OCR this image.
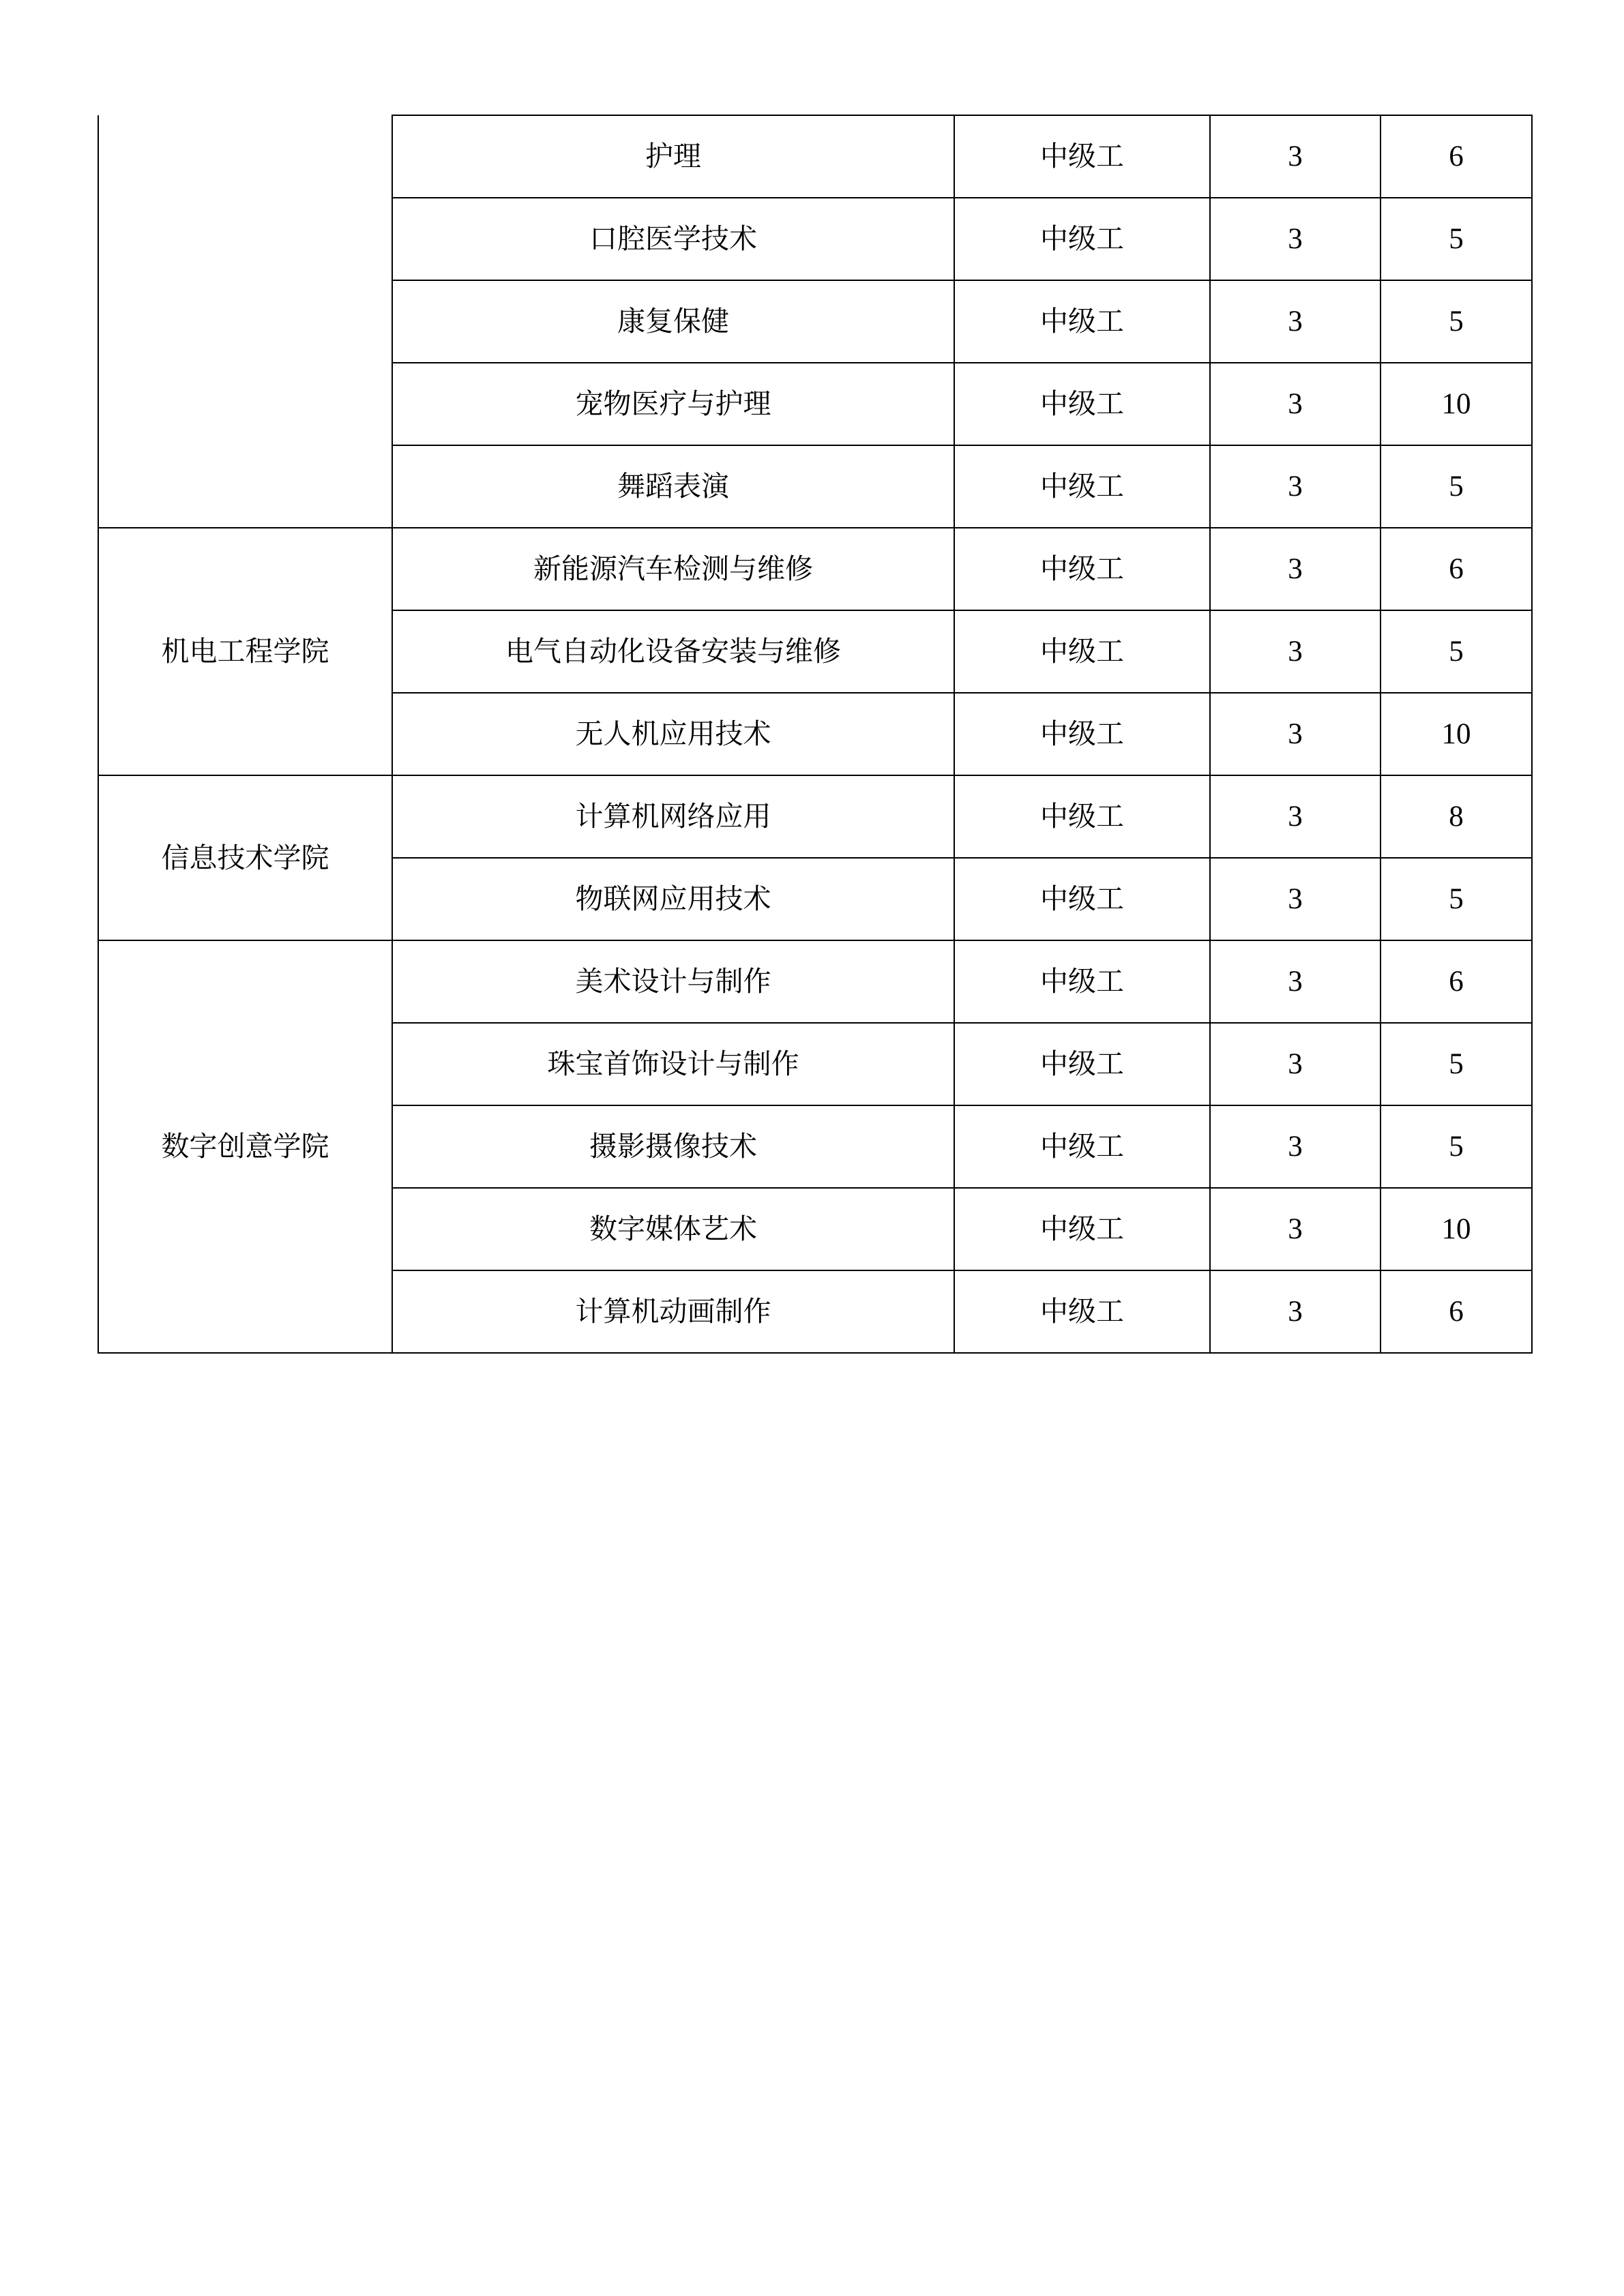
	护理	中级工	3	6
	口腔医学技术	中级工	3	5
	康复保健	中级工	3	5
	宠物医疗与护理	中级工	3	10
	舞蹈表演	中级工	3	5
机电工程学院	新能源汽车检测与维修	中级工	3	6
	电气自动化设备安装与维修	中级工	3	5
	无人机应用技术	中级工	3	10
信息技术学院	计算机网络应用	中级工	3	8
	物联网应用技术	中级工	3	5
数字创意学院	美术设计与制作	中级工	3	6
	珠宝首饰设计与制作	中级工	3	5
	摄影摄像技术	中级工	3	5
	数字媒体艺术	中级工	3	10
	计算机动画制作	中级工	3	6
